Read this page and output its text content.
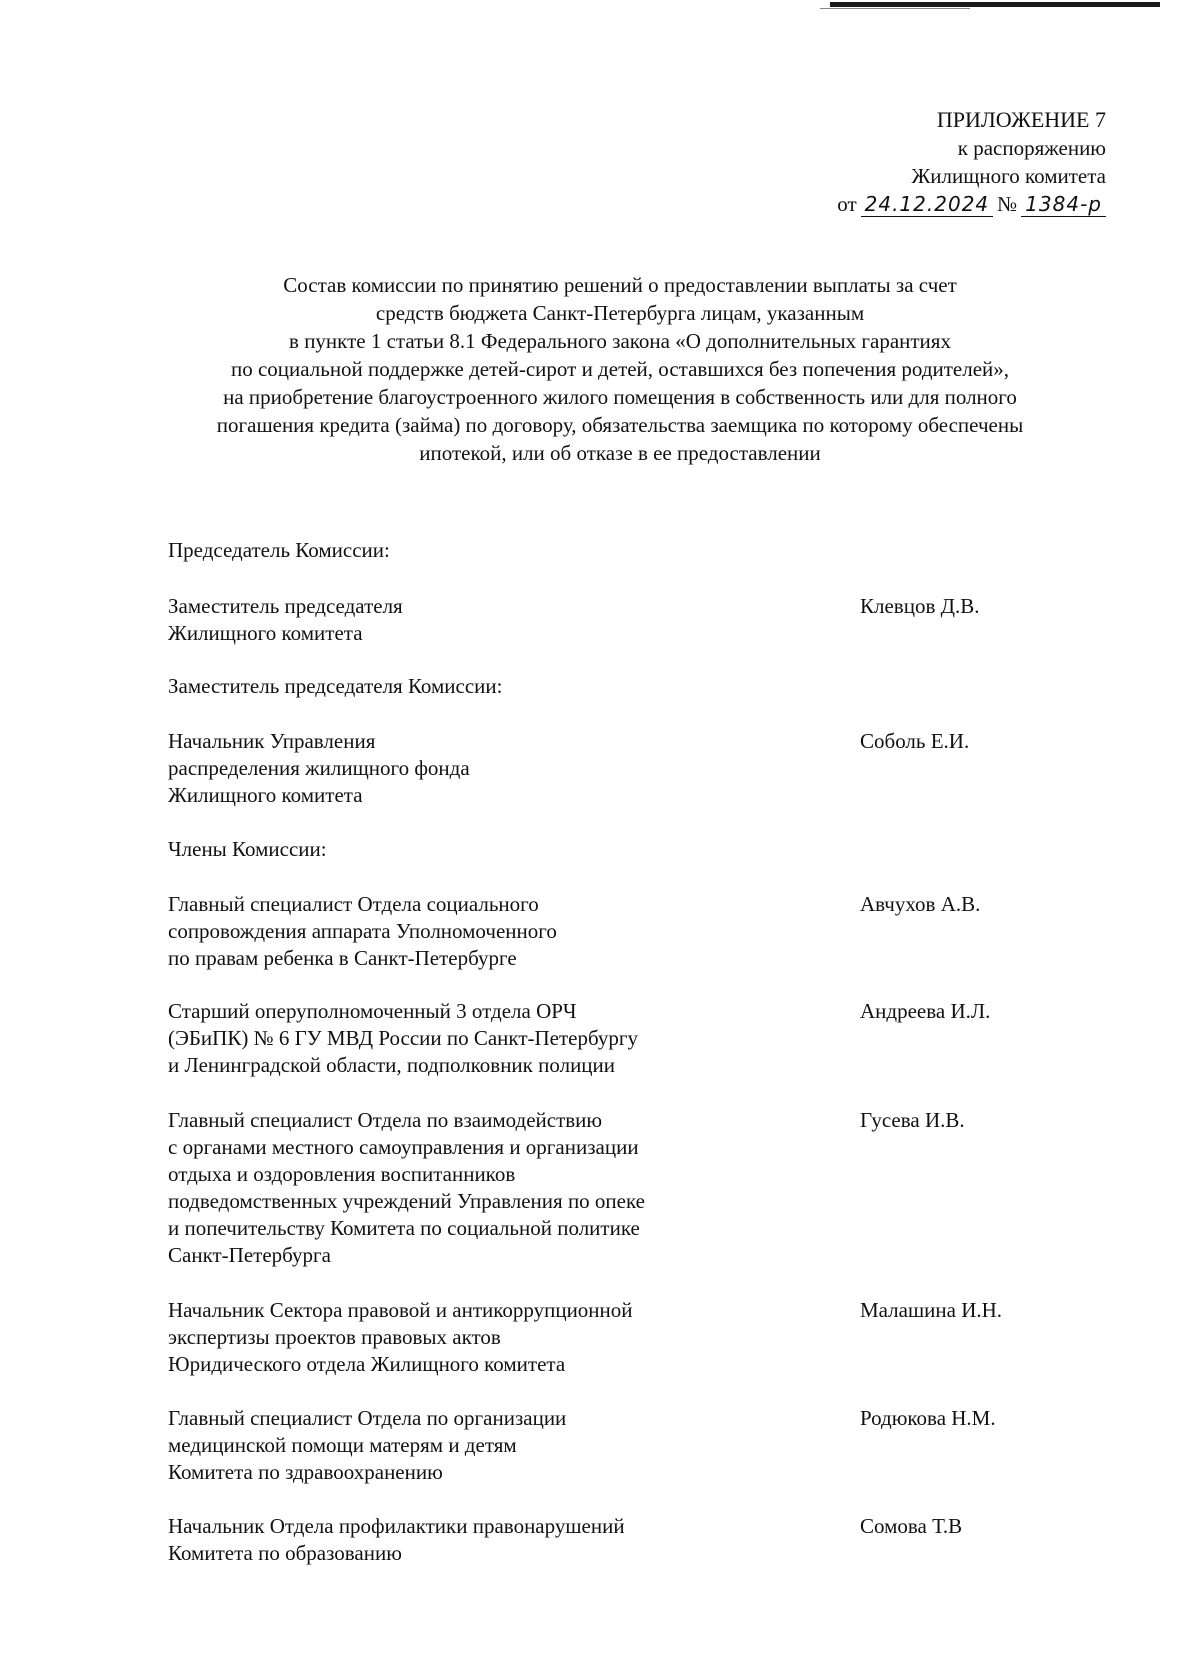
ПРИЛОЖЕНИЕ 7
к распоряжению
Жилищного комитета
от 24.12.2024 № 1384-р
Состав комиссии по принятию решений о предоставлении выплаты за счет
средств бюджета Санкт-Петербурга лицам, указанным
в пункте 1 статьи 8.1 Федерального закона «О дополнительных гарантиях
по социальной поддержке детей-сирот и детей, оставшихся без попечения родителей»,
на приобретение благоустроенного жилого помещения в собственность или для полного
погашения кредита (займа) по договору, обязательства заемщика по которому обеспечены
ипотекой, или об отказе в ее предоставлении
Председатель Комиссии:
Заместитель председателя
Жилищного комитета
Клевцов Д.В.
Заместитель председателя Комиссии:
Начальник Управления
распределения жилищного фонда
Жилищного комитета
Соболь Е.И.
Члены Комиссии:
Главный специалист Отдела социального
сопровождения аппарата Уполномоченного
по правам ребенка в Санкт-Петербурге
Авчухов А.В.
Старший оперуполномоченный 3 отдела ОРЧ
(ЭБиПК) № 6 ГУ МВД России по Санкт-Петербургу
и Ленинградской области, подполковник полиции
Андреева И.Л.
Главный специалист Отдела по взаимодействию
с органами местного самоуправления и организации
отдыха и оздоровления воспитанников
подведомственных учреждений Управления по опеке
и попечительству Комитета по социальной политике
Санкт-Петербурга
Гусева И.В.
Начальник Сектора правовой и антикоррупционной
экспертизы проектов правовых актов
Юридического отдела Жилищного комитета
Малашина И.Н.
Главный специалист Отдела по организации
медицинской помощи матерям и детям
Комитета по здравоохранению
Родюкова Н.М.
Начальник Отдела профилактики правонарушений
Комитета по образованию
Сомова Т.В
